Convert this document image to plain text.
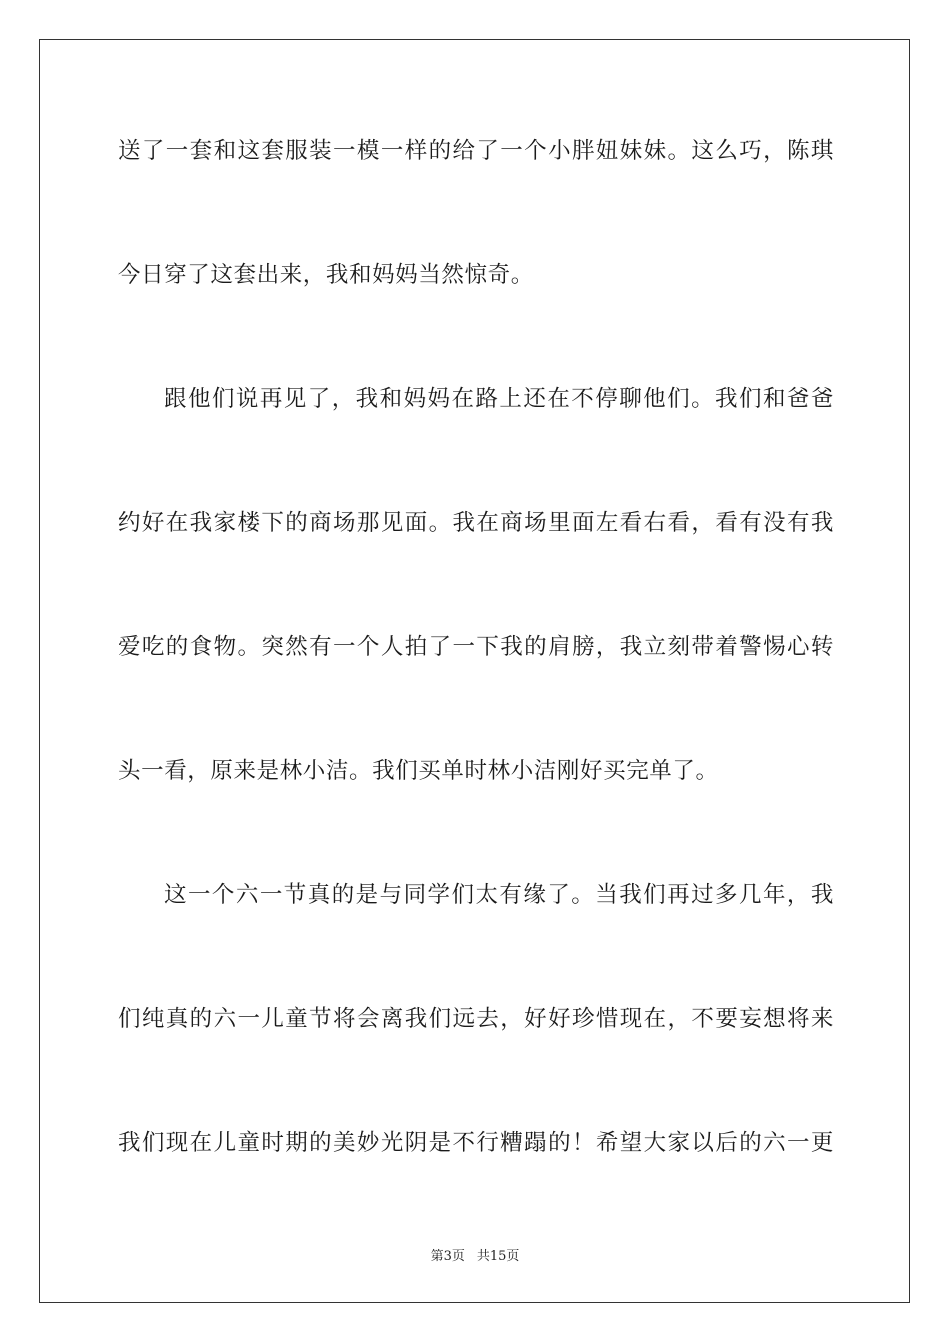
送了一套和这套服装一模一样的给了一个小胖妞妹妹。这么巧，陈琪
今日穿了这套出来，我和妈妈当然惊奇。
跟他们说再见了，我和妈妈在路上还在不停聊他们。我们和爸爸
约好在我家楼下的商场那见面。我在商场里面左看右看，看有没有我
爱吃的食物。突然有一个人拍了一下我的肩膀，我立刻带着警惕心转
头一看，原来是林小洁。我们买单时林小洁刚好买完单了。
这一个六一节真的是与同学们太有缘了。当我们再过多几年，我
们纯真的六一儿童节将会离我们远去，好好珍惜现在，不要妄想将来
我们现在儿童时期的美妙光阴是不行糟蹋的！希望大家以后的六一更
第3页 共15页
